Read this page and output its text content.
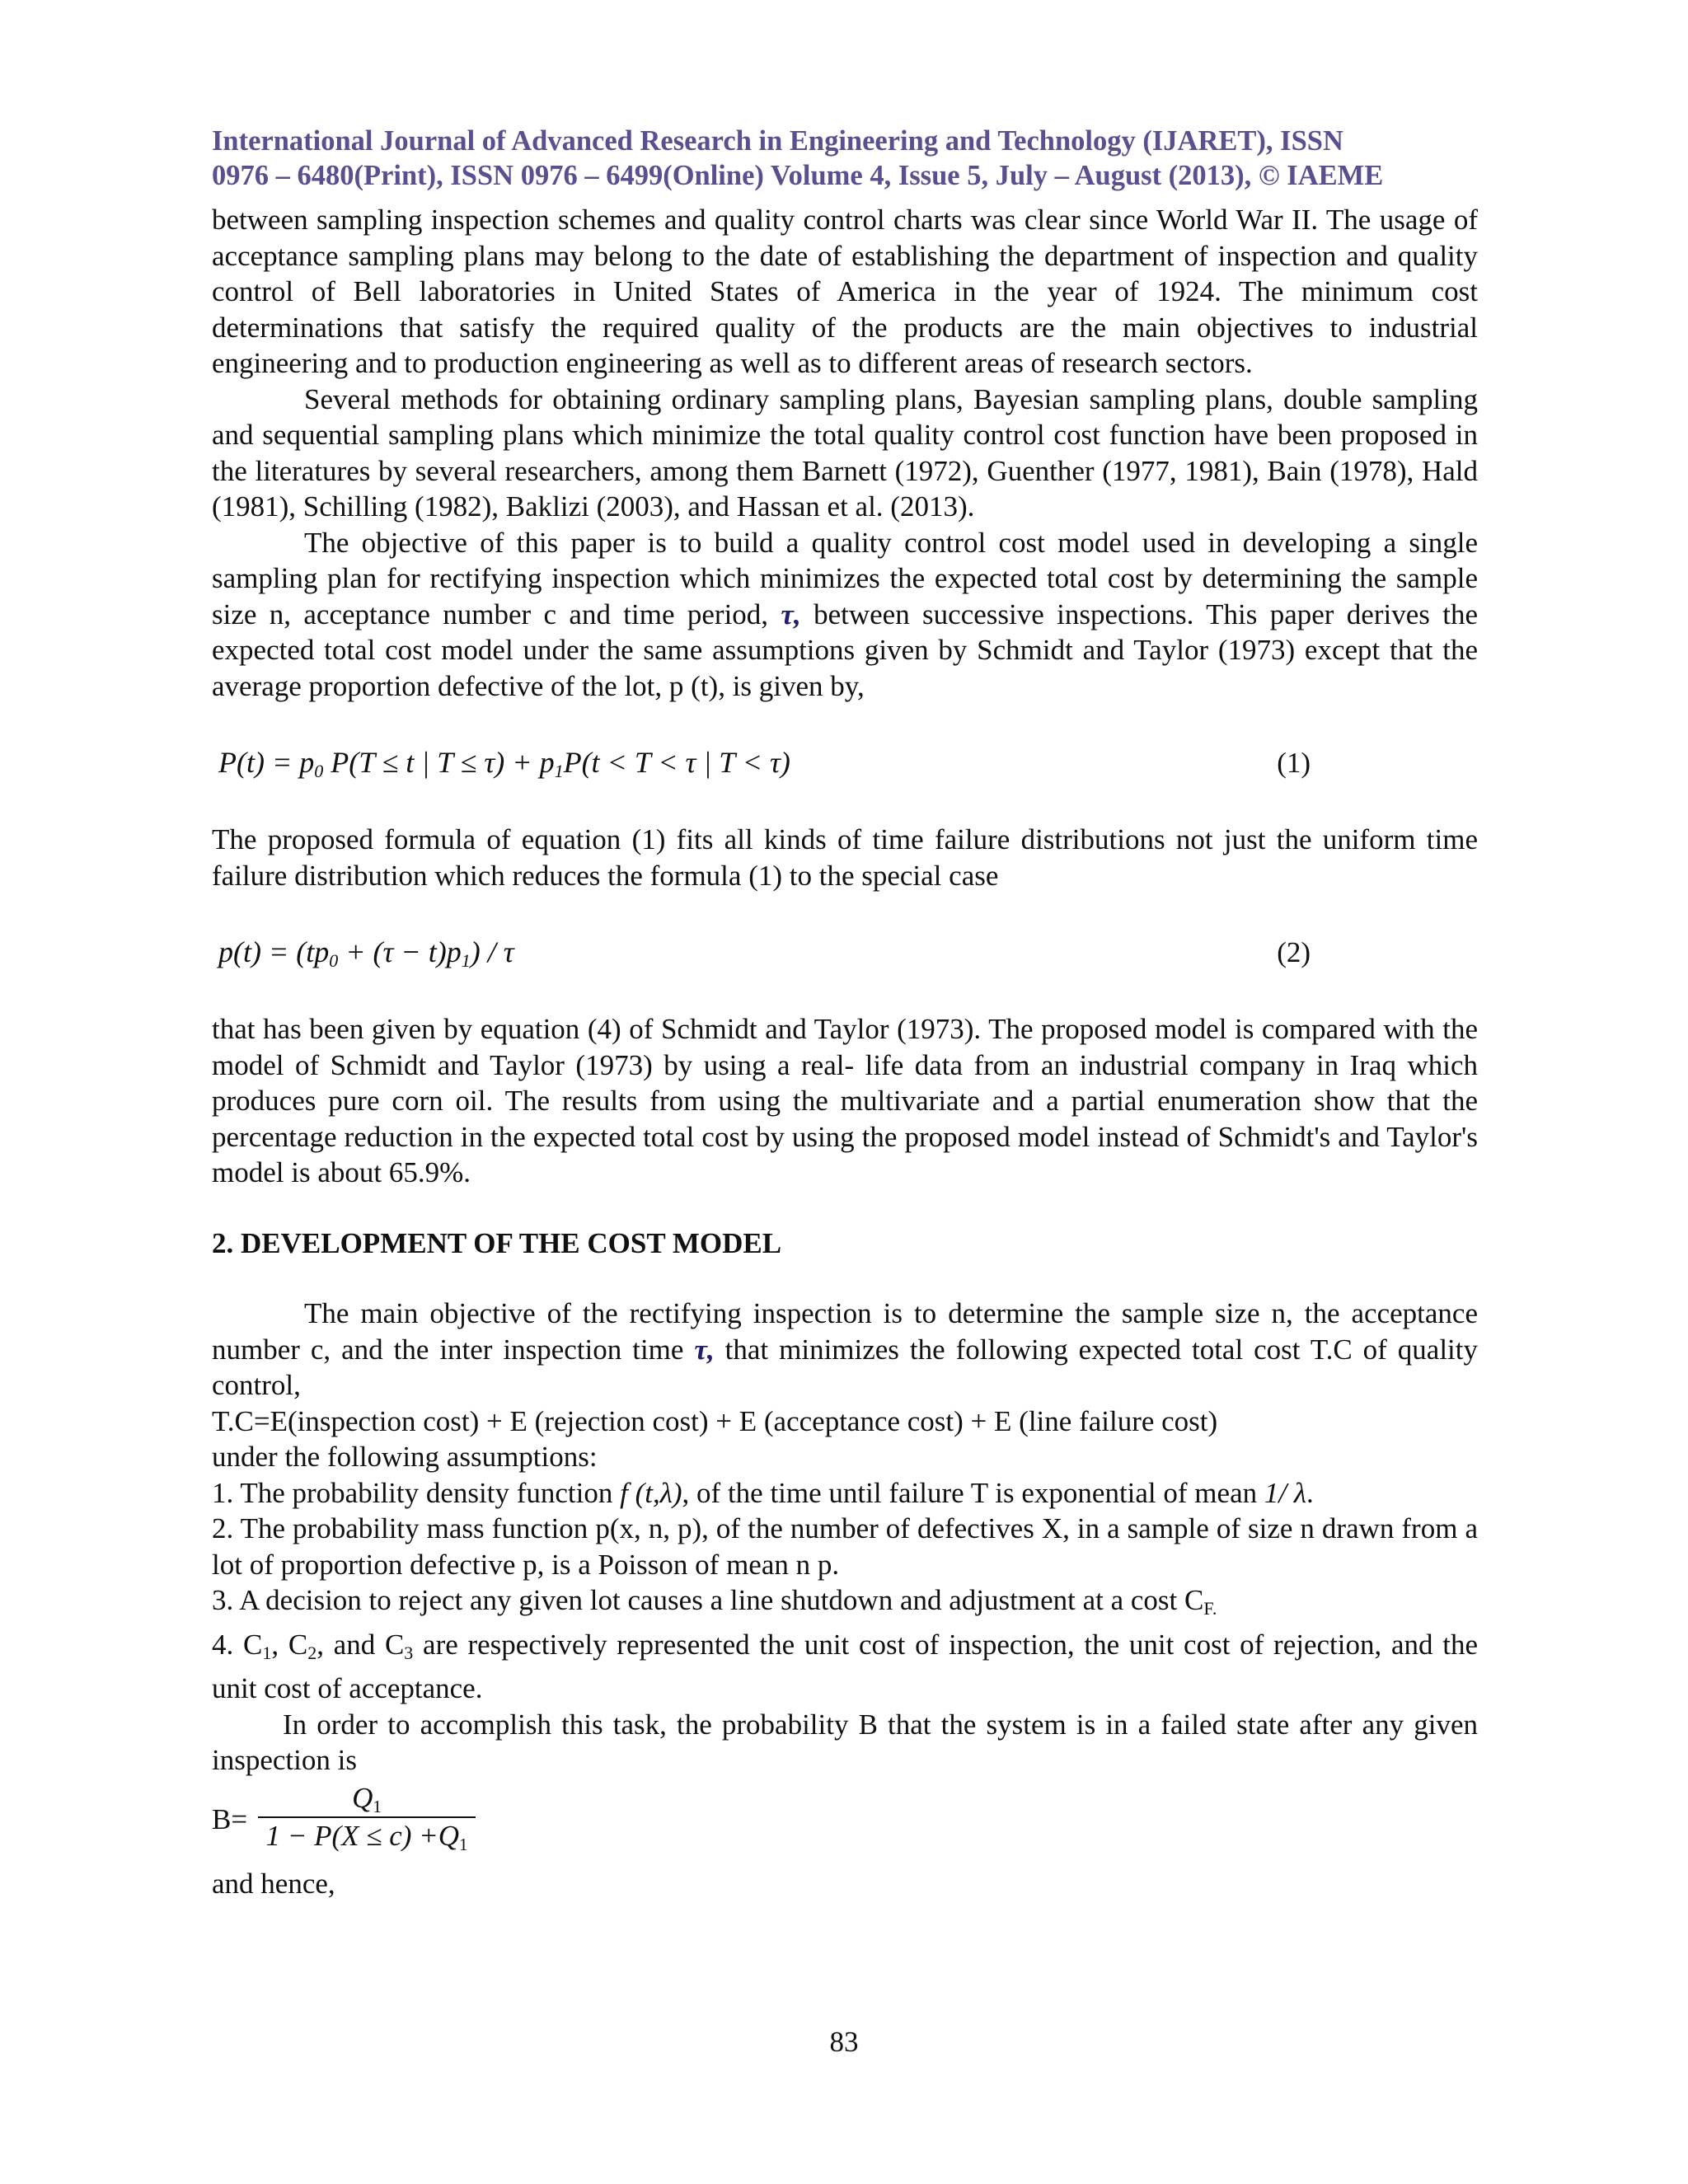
International Journal of Advanced Research in Engineering and Technology (IJARET), ISSN
0976 – 6480(Print), ISSN 0976 – 6499(Online) Volume 4, Issue 5, July – August (2013), © IAEME

between sampling inspection schemes and quality control charts was clear since World War II. The usage of acceptance sampling plans may belong to the date of establishing the department of inspection and quality control of Bell laboratories in United States of America in the year of 1924. The minimum cost determinations that satisfy the required quality of the products are the main objectives to industrial engineering and to production engineering as well as to different areas of research sectors.

Several methods for obtaining ordinary sampling plans, Bayesian sampling plans, double sampling and sequential sampling plans which minimize the total quality control cost function have been proposed in the literatures by several researchers, among them Barnett (1972), Guenther (1977, 1981), Bain (1978), Hald (1981), Schilling (1982), Baklizi (2003), and Hassan et al. (2013).

The objective of this paper is to build a quality control cost model used in developing a single sampling plan for rectifying inspection which minimizes the expected total cost by determining the sample size n, acceptance number c and time period, τ, between successive inspections. This paper derives the expected total cost model under the same assumptions given by Schmidt and Taylor (1973) except that the average proportion defective of the lot, p (t), is given by,

$P(t) = p_0$ P(T ≤ t | $T \le \tau) + p_1P(t < T < \tau$ | T < τ)	(1)

The proposed formula of equation (1) fits all kinds of time failure distributions not just the uniform time failure distribution which reduces the formula (1) to the special case

$p(t) = (tp_0 + (\tau - t)p_1) / \tau$	(2)

that has been given by equation (4) of Schmidt and Taylor (1973). The proposed model is compared with the model of Schmidt and Taylor (1973) by using a real- life data from an industrial company in Iraq which produces pure corn oil. The results from using the multivariate and a partial enumeration show that the percentage reduction in the expected total cost by using the proposed model instead of Schmidt's and Taylor's model is about 65.9%.

2. DEVELOPMENT OF THE COST MODEL

The main objective of the rectifying inspection is to determine the sample size n, the acceptance number c, and the inter inspection time τ, that minimizes the following expected total cost T.C of quality control,

T.C=E(inspection cost) + E (rejection cost) + E (acceptance cost) + E (line failure cost)

under the following assumptions:

1. The probability density function f (t,λ), of the time until failure T is exponential of mean 1/ λ.

2. The probability mass function p(x, n, p), of the number of defectives X, in a sample of size n drawn from a lot of proportion defective p, is a Poisson of mean n p.

3. A decision to reject any given lot causes a line shutdown and adjustment at a cost $C_{F.}$

4. $C_1$, $C_2$, and $C_3$ are respectively represented the unit cost of inspection, the unit cost of rejection, and the unit cost of acceptance.

In order to accomplish this task, the probability B that the system is in a failed state after any given inspection is

$B= \frac{Q_1}{1 - P(X \le c) +Q_1}$

and hence,

83
